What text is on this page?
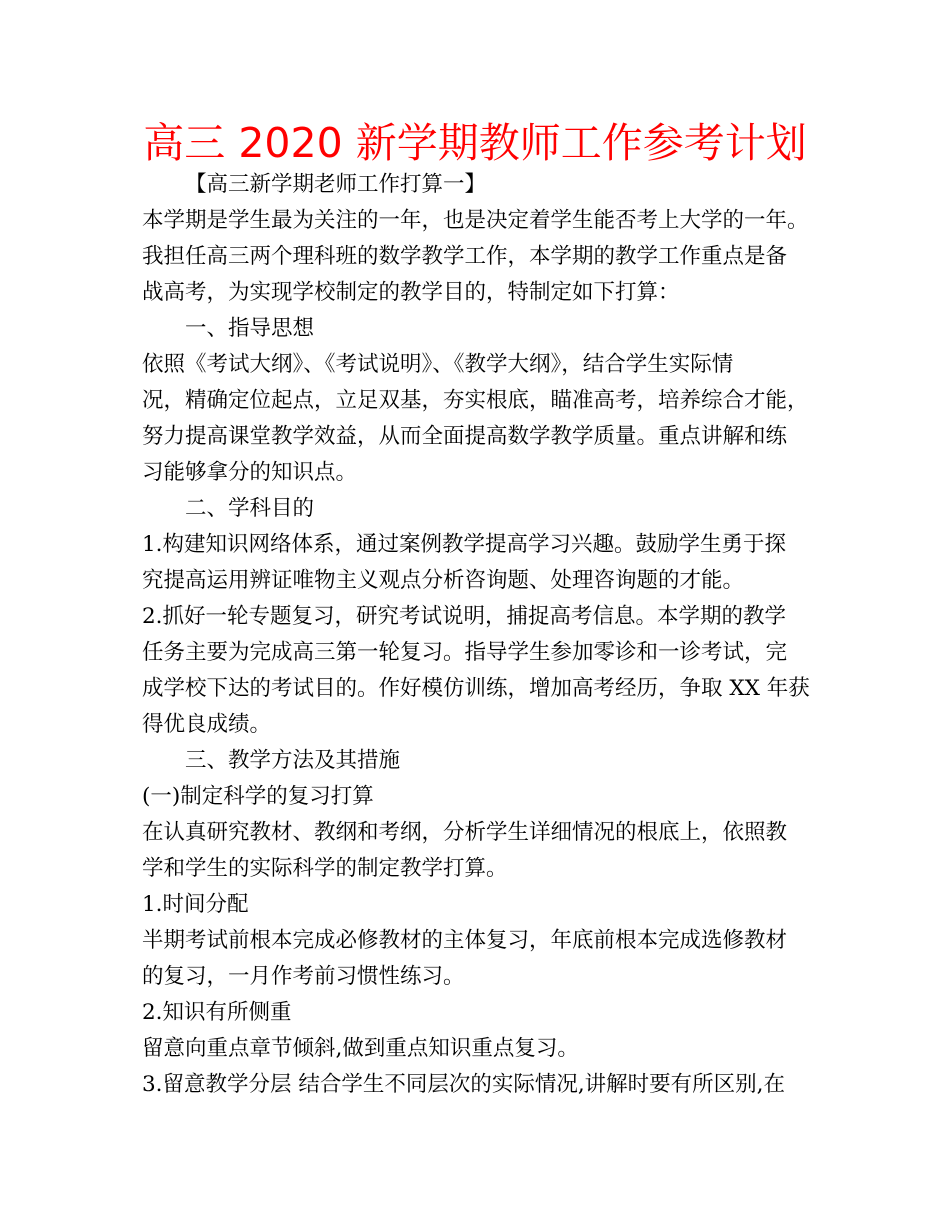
高三 2020 新学期教师工作参考计划
【高三新学期老师工作打算一】
本学期是学生最为关注的一年，也是决定着学生能否考上大学的一年。
我担任高三两个理科班的数学教学工作，本学期的教学工作重点是备
战高考，为实现学校制定的教学目的，特制定如下打算：
一、指导思想
依照《考试大纲》、《考试说明》、《教学大纲》，结合学生实际情
况，精确定位起点，立足双基，夯实根底，瞄准高考，培养综合才能，
努力提高课堂教学效益，从而全面提高数学教学质量。重点讲解和练
习能够拿分的知识点。
二、学科目的
1.构建知识网络体系，通过案例教学提高学习兴趣。鼓励学生勇于探
究提高运用辨证唯物主义观点分析咨询题、处理咨询题的才能。
2.抓好一轮专题复习，研究考试说明，捕捉高考信息。本学期的教学
任务主要为完成高三第一轮复习。指导学生参加零诊和一诊考试，完
成学校下达的考试目的。作好模仿训练，增加高考经历，争取 XX 年获
得优良成绩。
三、教学方法及其措施
(一)制定科学的复习打算
在认真研究教材、教纲和考纲，分析学生详细情况的根底上，依照教
学和学生的实际科学的制定教学打算。
1.时间分配
半期考试前根本完成必修教材的主体复习，年底前根本完成选修教材
的复习，一月作考前习惯性练习。
2.知识有所侧重
留意向重点章节倾斜,做到重点知识重点复习。
3.留意教学分层 结合学生不同层次的实际情况,讲解时要有所区别,在
